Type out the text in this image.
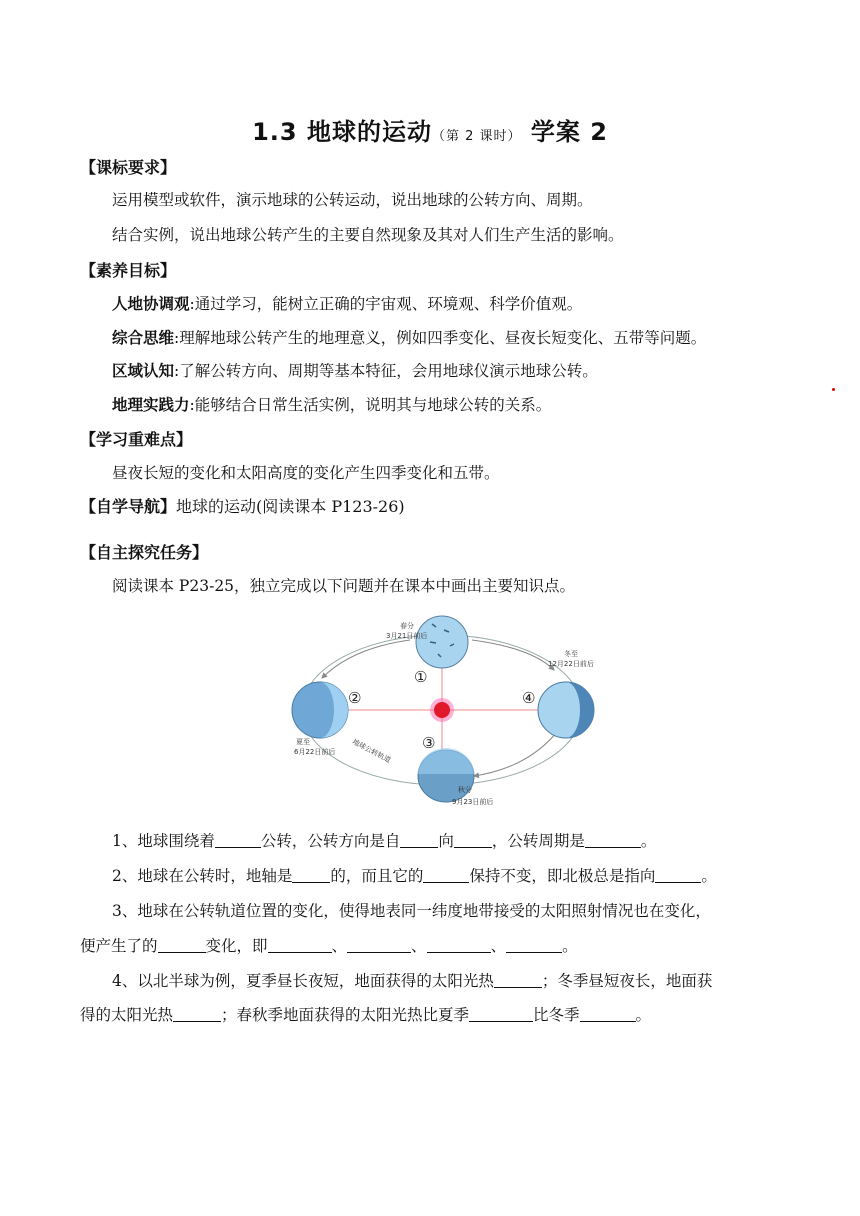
1.3 地球的运动（第 2 课时） 学案 2
【课标要求】
运用模型或软件，演示地球的公转运动，说出地球的公转方向、周期。
结合实例，说出地球公转产生的主要自然现象及其对人们生产生活的影响。
【素养目标】
人地协调观:通过学习，能树立正确的宇宙观、环境观、科学价值观。
综合思维:理解地球公转产生的地理意义，例如四季变化、昼夜长短变化、五带等问题。
区域认知:了解公转方向、周期等基本特征，会用地球仪演示地球公转。
地理实践力:能够结合日常生活实例，说明其与地球公转的关系。
【学习重难点】
昼夜长短的变化和太阳高度的变化产生四季变化和五带。
【自学导航】地球的运动(阅读课本 P123-26)
【自主探究任务】
阅读课本 P23-25，独立完成以下问题并在课本中画出主要知识点。
春分
3月21日前后
夏至
6月22日前后
秋分
9月23日前后
冬至
12月22日前后
地球公转轨道
①
②
③
④
1、地球围绕着	公转，公转方向是自 向 ，公转周期是	。
2、地球在公转时，地轴是 的，而且它的	保持不变，即北极总是指向	。
3、地球在公转轨道位置的变化，使得地表同一纬度地带接受的太阳照射情况也在变化，
便产生了的	变化，即	、	、	、	。
4、以北半球为例，夏季昼长夜短，地面获得的太阳光热	；冬季昼短夜长，地面获
得的太阳光热	；春秋季地面获得的太阳光热比夏季	比冬季	。
